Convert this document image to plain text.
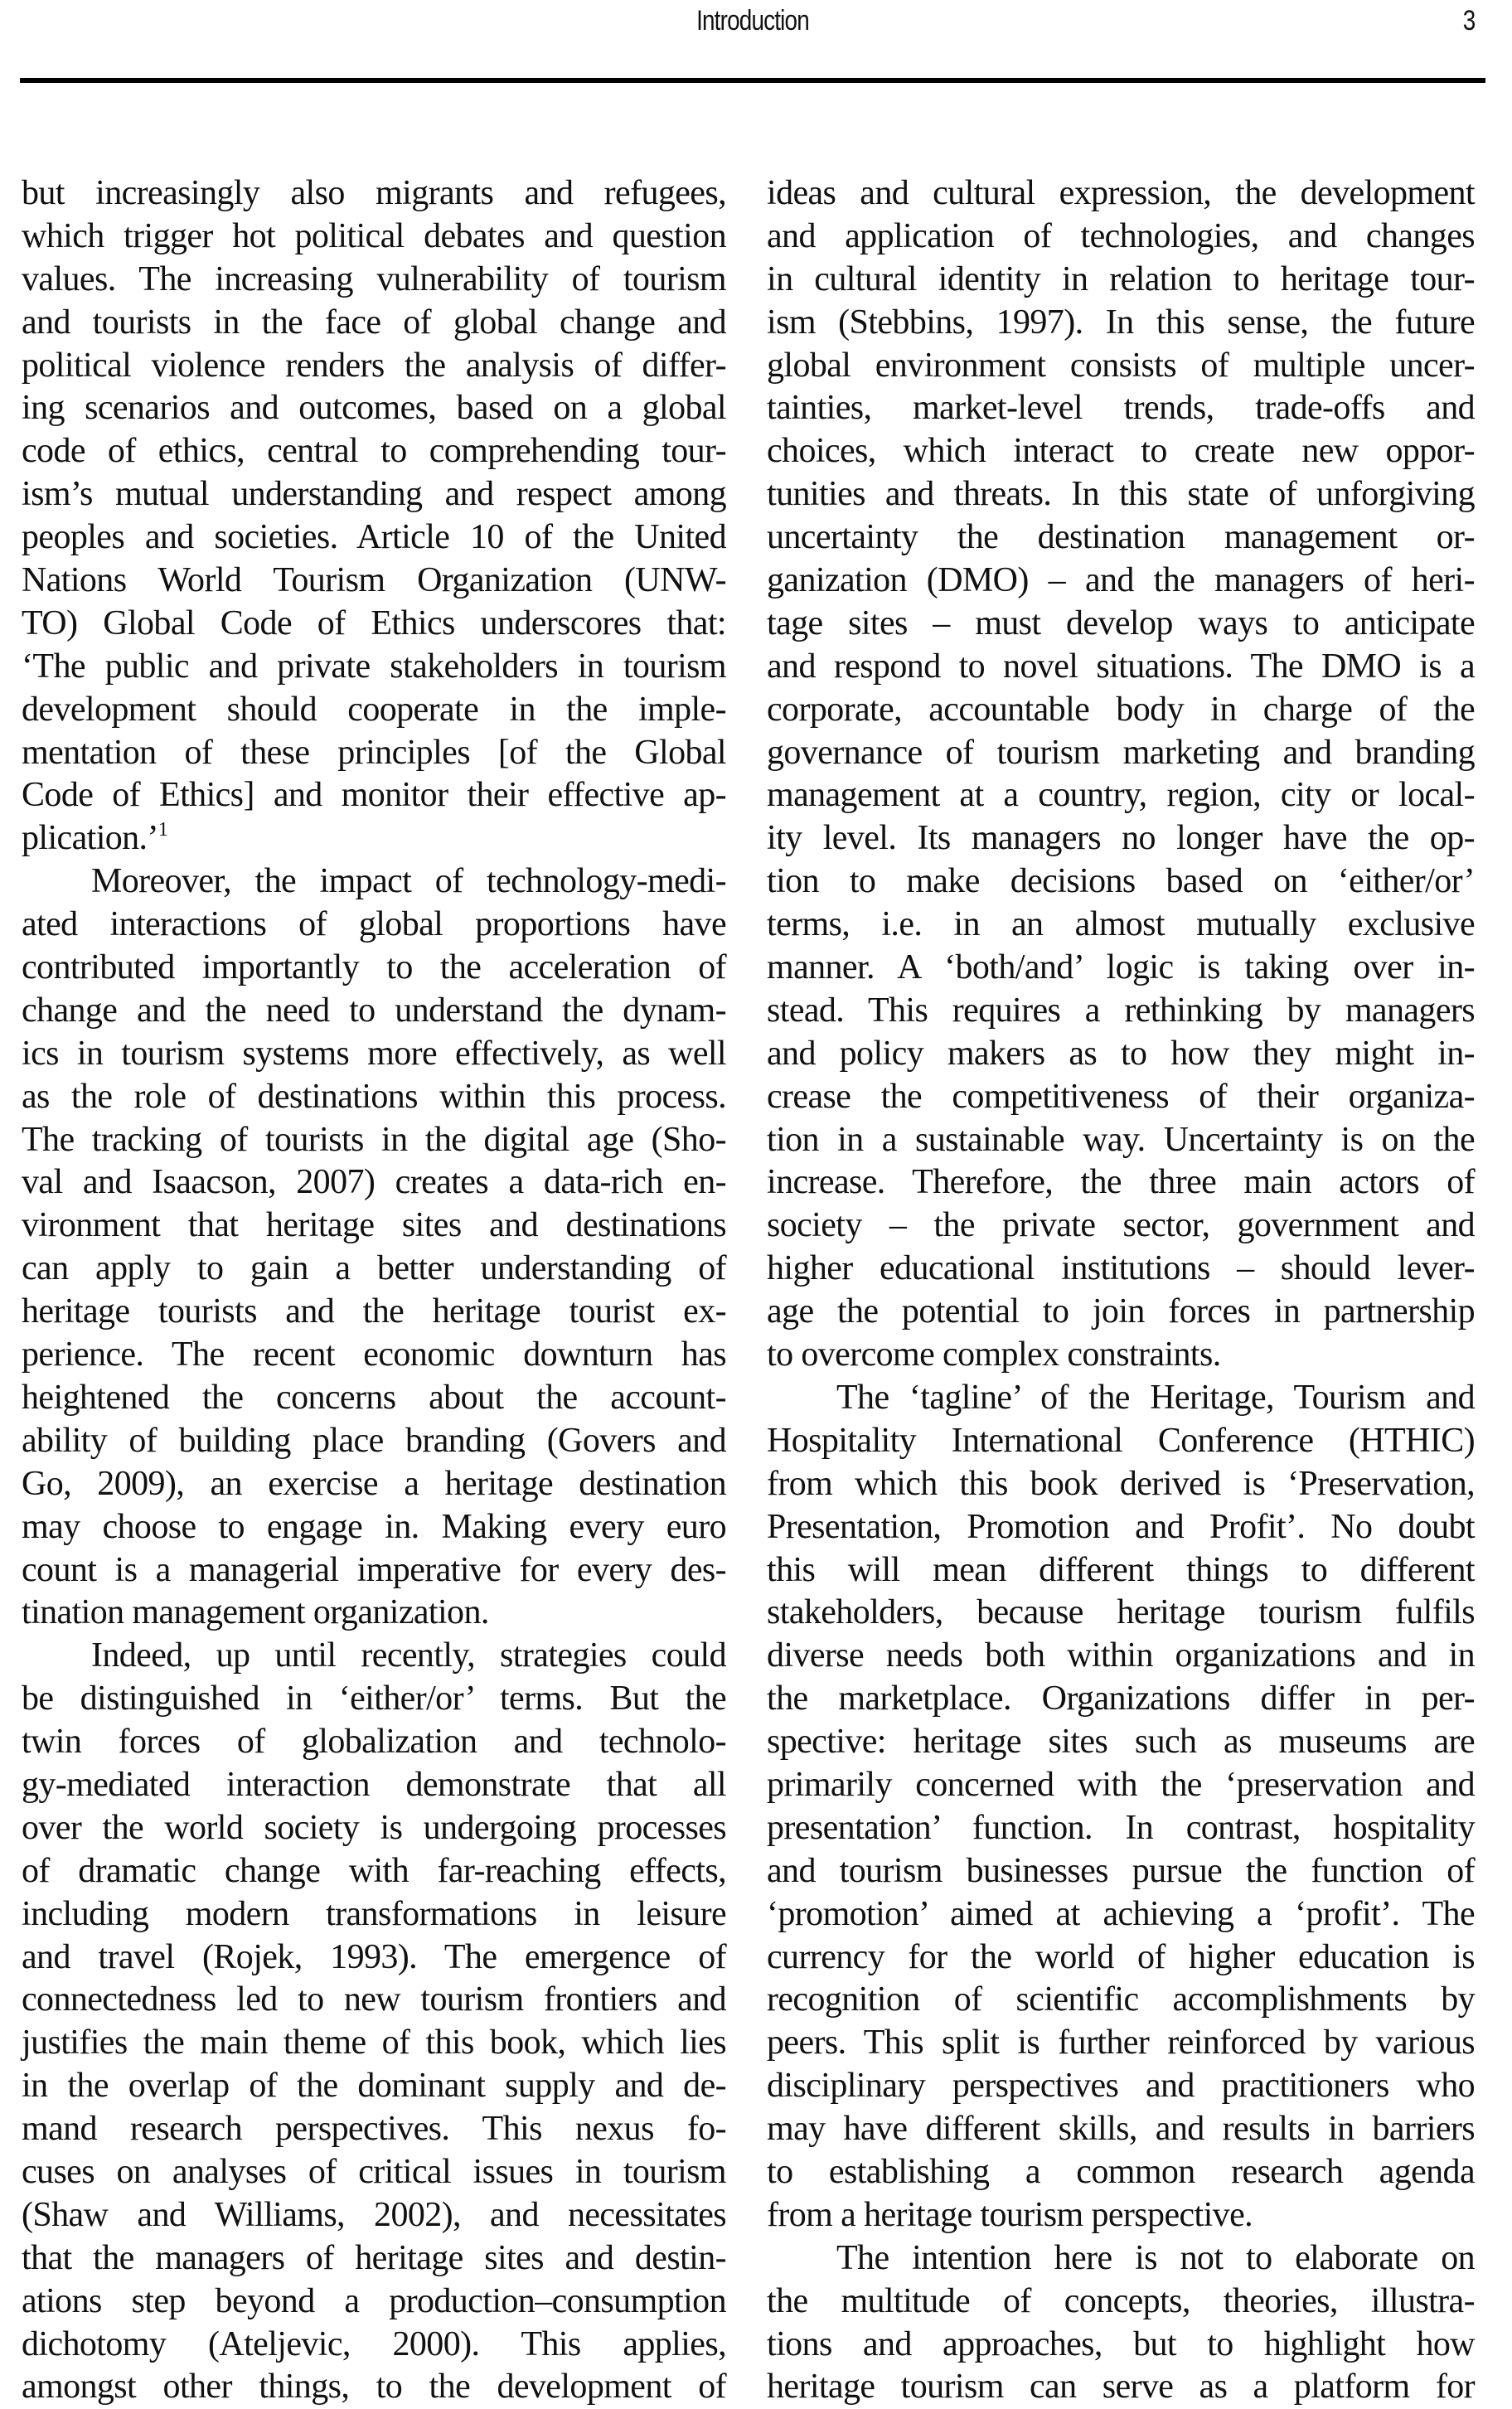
Introduction	3
but increasingly also migrants and refugees,
which trigger hot political debates and question
values. The increasing vulnerability of tourism
and tourists in the face of global change and
political violence renders the analysis of differ-
ing scenarios and outcomes, based on a global
code of ethics, central to comprehending tour-
ism’s mutual understanding and respect among
peoples and societies. Article 10 of the United
Nations World Tourism Organization (UNW-
TO) Global Code of Ethics underscores that:
‘The public and private stakeholders in tourism
development should cooperate in the imple-
mentation of these principles [of the Global
Code of Ethics] and monitor their effective ap-
plication.’$^1$
Moreover, the impact of technology-medi-
ated interactions of global proportions have
contributed importantly to the acceleration of
change and the need to understand the dynam-
ics in tourism systems more effectively, as well
as the role of destinations within this process.
The tracking of tourists in the digital age (Sho-
val and Isaacson, 2007) creates a data-rich en-
vironment that heritage sites and destinations
can apply to gain a better understanding of
heritage tourists and the heritage tourist ex-
perience. The recent economic downturn has
heightened the concerns about the account-
ability of building place branding (Govers and
Go, 2009), an exercise a heritage destination
may choose to engage in. Making every euro
count is a managerial imperative for every des-
tination management organization.
Indeed, up until recently, strategies could
be distinguished in ‘either/or’ terms. But the
twin forces of globalization and technolo-
gy-mediated interaction demonstrate that all
over the world society is undergoing processes
of dramatic change with far-reaching effects,
including modern transformations in leisure
and travel (Rojek, 1993). The emergence of
connectedness led to new tourism frontiers and
justifies the main theme of this book, which lies
in the overlap of the dominant supply and de-
mand research perspectives. This nexus fo-
cuses on analyses of critical issues in tourism
(Shaw and Williams, 2002), and necessitates
that the managers of heritage sites and destin-
ations step beyond a production–consumption
dichotomy (Ateljevic, 2000). This applies,
amongst other things, to the development of
ideas and cultural expression, the development
and application of technologies, and changes
in cultural identity in relation to heritage tour-
ism (Stebbins, 1997). In this sense, the future
global environment consists of multiple uncer-
tainties, market-level trends, trade-offs and
choices, which interact to create new oppor-
tunities and threats. In this state of unforgiving
uncertainty the destination management or-
ganization (DMO) – and the managers of heri-
tage sites – must develop ways to anticipate
and respond to novel situations. The DMO is a
corporate, accountable body in charge of the
governance of tourism marketing and branding
management at a country, region, city or local-
ity level. Its managers no longer have the op-
tion to make decisions based on ‘either/or’
terms, i.e. in an almost mutually exclusive
manner. A ‘both/and’ logic is taking over in-
stead. This requires a rethinking by managers
and policy makers as to how they might in-
crease the competitiveness of their organiza-
tion in a sustainable way. Uncertainty is on the
increase. Therefore, the three main actors of
society – the private sector, government and
higher educational institutions – should lever-
age the potential to join forces in partnership
to overcome complex constraints.
The ‘tagline’ of the Heritage, Tourism and
Hospitality International Conference (HTHIC)
from which this book derived is ‘Preservation,
Presentation, Promotion and Profit’. No doubt
this will mean different things to different
stakeholders, because heritage tourism fulfils
diverse needs both within organizations and in
the marketplace. Organizations differ in per-
spective: heritage sites such as museums are
primarily concerned with the ‘preservation and
presentation’ function. In contrast, hospitality
and tourism businesses pursue the function of
‘promotion’ aimed at achieving a ‘profit’. The
currency for the world of higher education is
recognition of scientific accomplishments by
peers. This split is further reinforced by various
disciplinary perspectives and practitioners who
may have different skills, and results in barriers
to establishing a common research agenda
from a heritage tourism perspective.
The intention here is not to elaborate on
the multitude of concepts, theories, illustra-
tions and approaches, but to highlight how
heritage tourism can serve as a platform for
